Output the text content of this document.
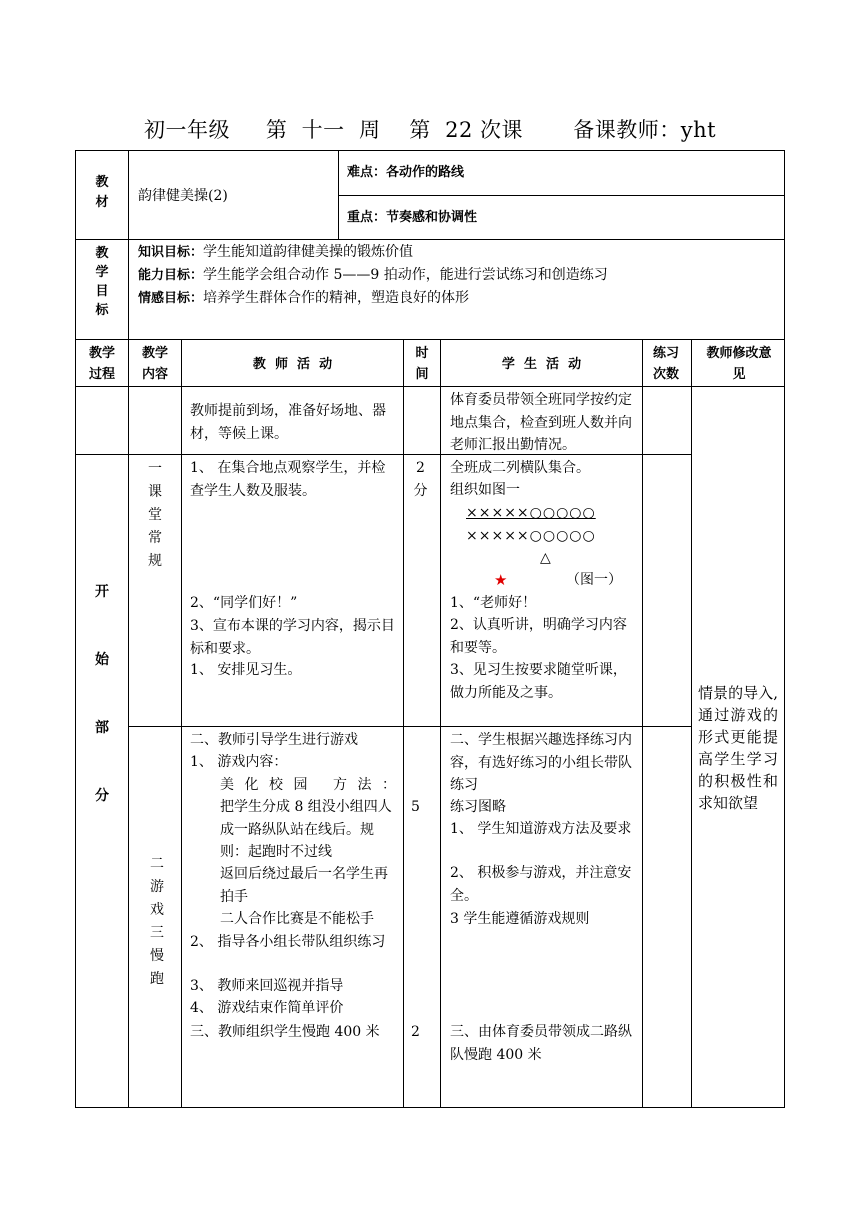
初一年级     第  十一  周    第  22 次课       备课教师：yht
教材	韵律健美操(2)
难点：各动作的路线
重点：节奏感和协调性
教学目标
知识目标：学生能知道韵律健美操的锻炼价值
能力目标：学生能学会组合动作 5——9 拍动作，能进行尝试练习和创造练习
情感目标：培养学生群体合作的精神，塑造良好的体形
教学过程
教学内容
教  师  活  动
时间
学  生  活  动
练习次数
教师修改意见
教师提前到场，准备好场地、器材，等候上课。
体育委员带领全班同学按约定地点集合，检查到班人数并向老师汇报出勤情况。
开始部分
一课堂常规
1、 在集合地点观察学生，并检查学生人数及服装。
2、“同学们好！”
3、宣布本课的学习内容，揭示目标和要求。
1、 安排见习生。
2
分
全班成二列横队集合。
组织如图一
×××××○○○○○
×××××○○○○○
△
★	（图一）
1、“老师好！
2、认真听讲，明确学习内容和要等。
3、见习生按要求随堂听课，做力所能及之事。
二游戏三慢跑
二、教师引导学生进行游戏
1、 游戏内容：
美化校园 方法：
把学生分成 8 组没小组四人成一路纵队站在线后。规则：起跑时不过线
返回后绕过最后一名学生再拍手
二人合作比赛是不能松手
2、 指导各小组长带队组织练习
3、 教师来回巡视并指导
4、 游戏结束作简单评价
三、教师组织学生慢跑 400 米
5
2
二、学生根据兴趣选择练习内容，有选好练习的小组长带队练习
练习图略
1、 学生知道游戏方法及要求
2、 积极参与游戏，并注意安全。
3 学生能遵循游戏规则
三、由体育委员带领成二路纵队慢跑 400 米
情景的导入,通过游戏的形式更能提高学生学习的积极性和求知欲望
